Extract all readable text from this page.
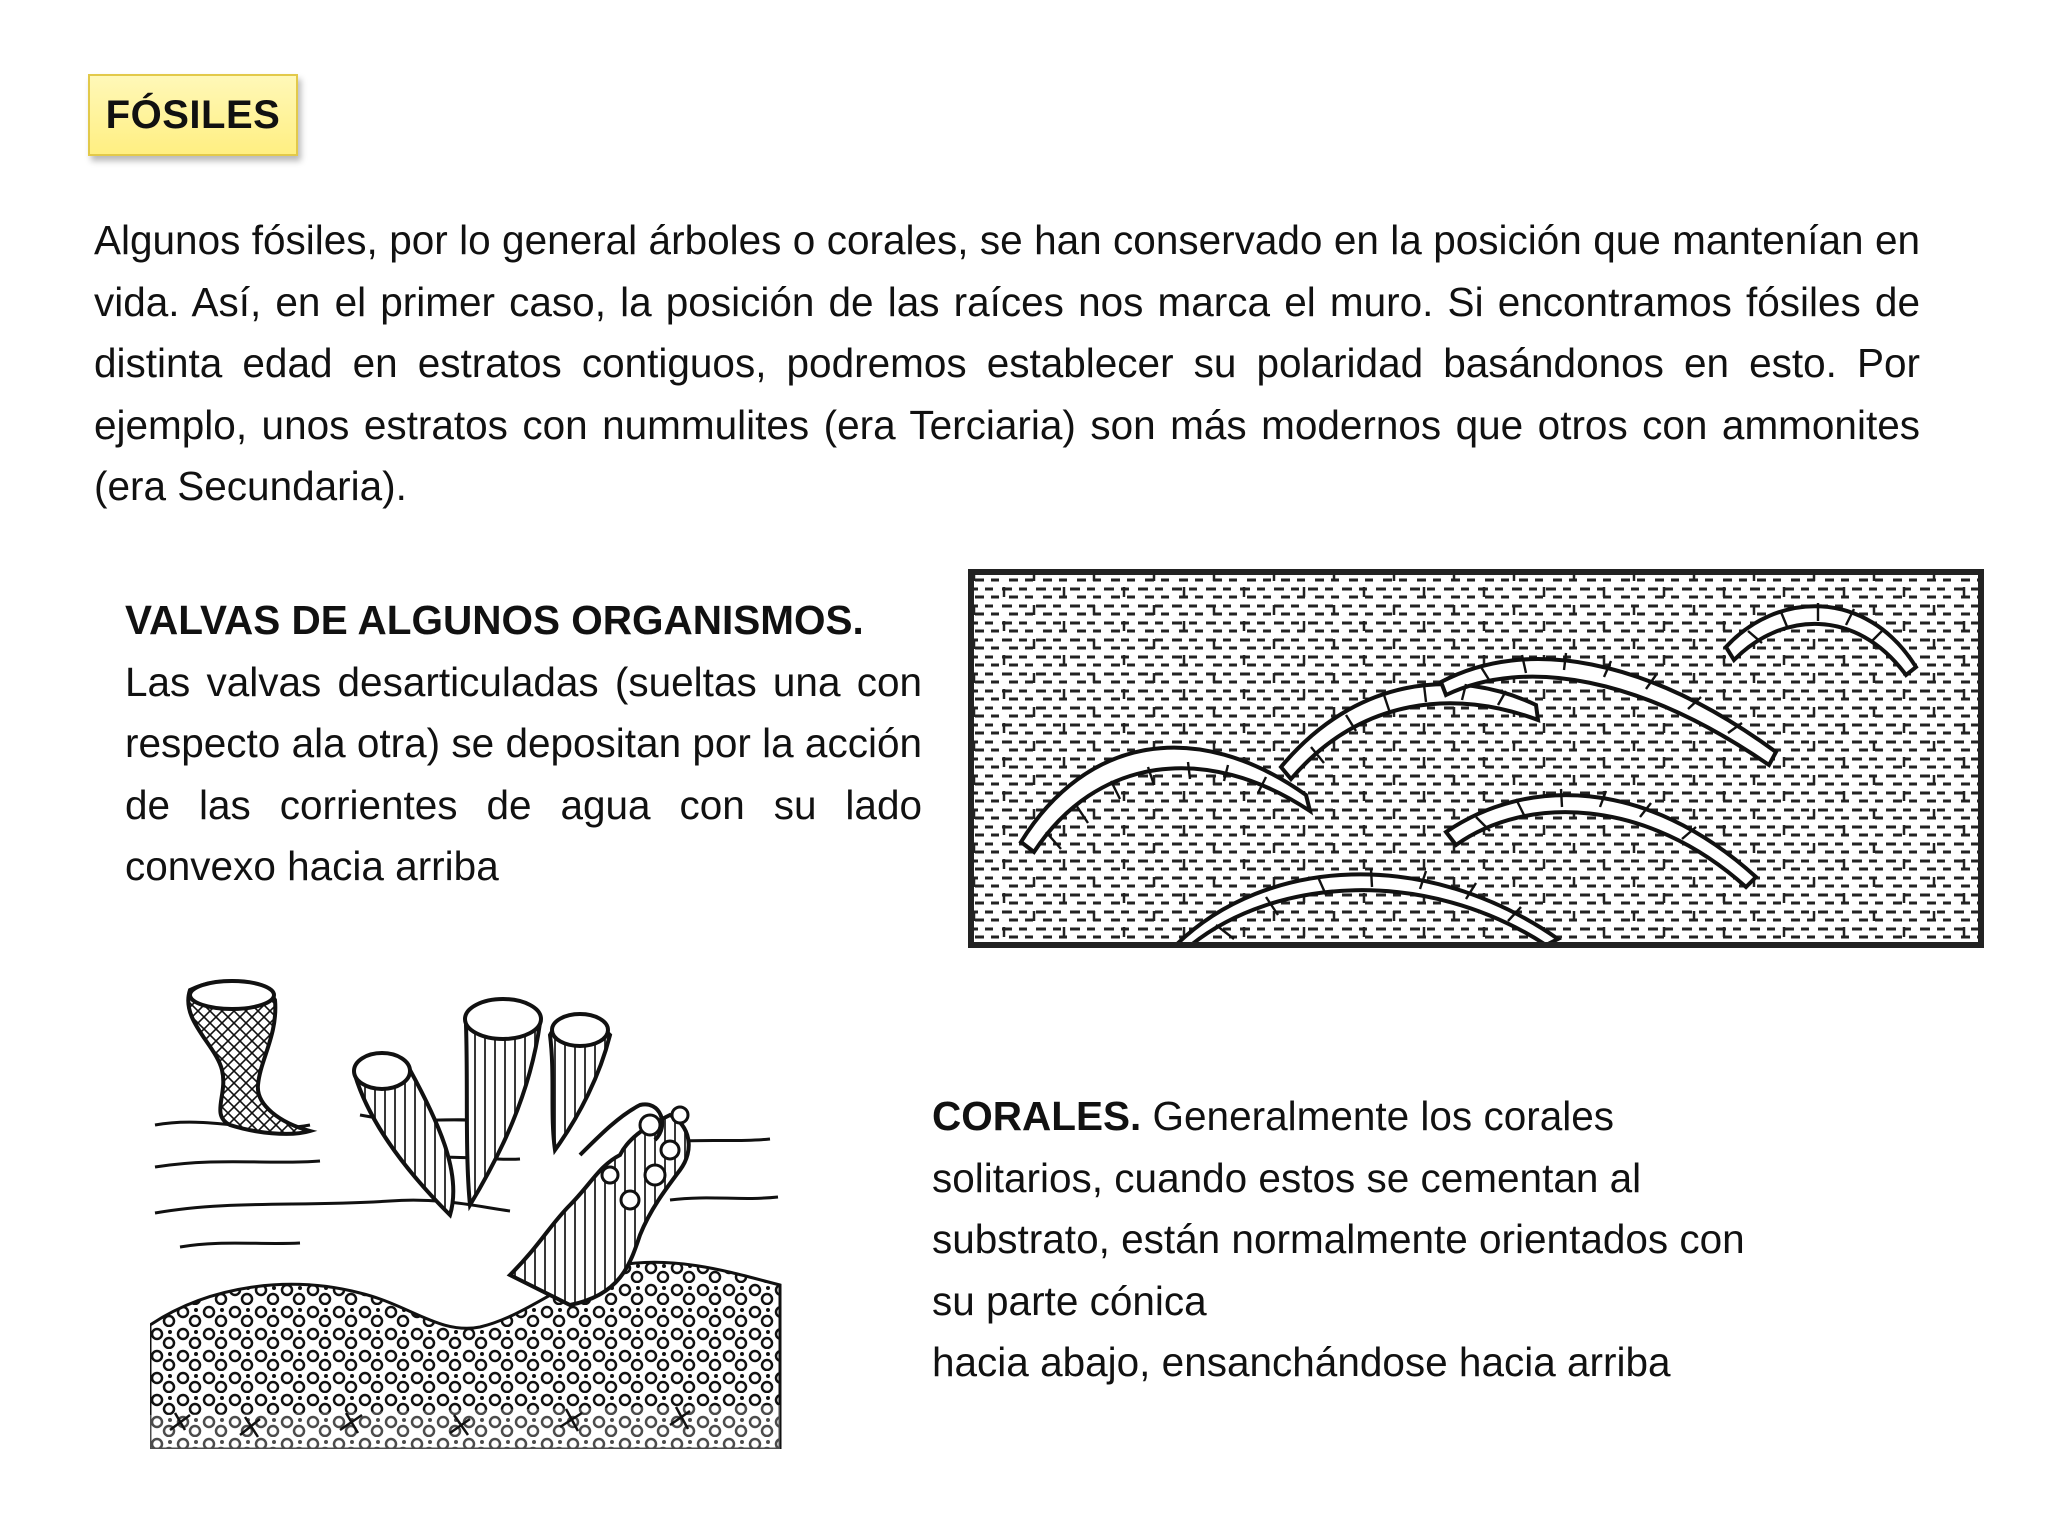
FÓSILES

Algunos fósiles, por lo general árboles o corales, se han conservado en la posición que mantenían en vida. Así, en el primer caso, la posición de las raíces nos marca el muro. Si encontramos fósiles de distinta edad en estratos contiguos, podremos establecer su polaridad basándonos en esto. Por ejemplo, unos estratos con nummulites (era Terciaria) son más modernos que otros con ammonites (era Secundaria).

VALVAS DE ALGUNOS ORGANISMOS.
Las valvas desarticuladas (sueltas una con respecto ala otra) se depositan por la acción de las corrientes de agua con su lado convexo hacia arriba
CORALES. Generalmente los corales
solitarios, cuando estos se cementan al
substrato, están normalmente orientados con
su parte cónica
hacia abajo, ensanchándose hacia arriba
